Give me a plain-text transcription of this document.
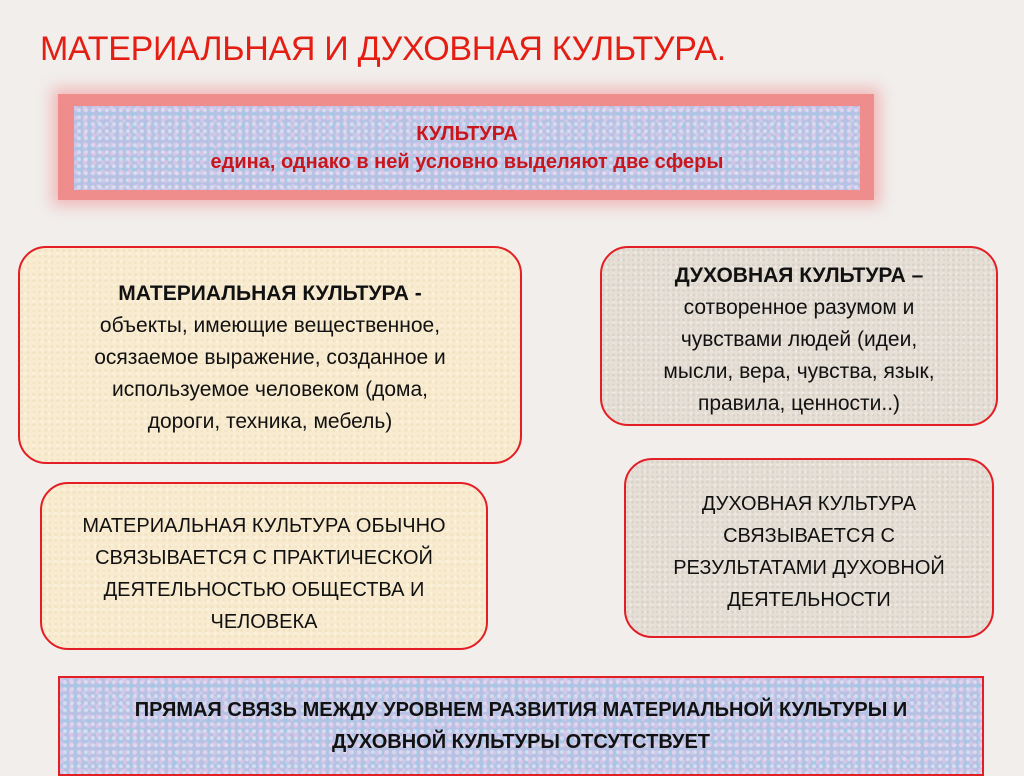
МАТЕРИАЛЬНАЯ И ДУХОВНАЯ КУЛЬТУРА.
КУЛЬТУРА
едина, однако в ней условно выделяют две сферы
МАТЕРИАЛЬНАЯ КУЛЬТУРА -
объекты, имеющие вещественное,
осязаемое выражение, созданное и
используемое человеком (дома,
дороги, техника, мебель)
ДУХОВНАЯ КУЛЬТУРА –
сотворенное разумом и
чувствами людей (идеи,
мысли, вера, чувства, язык,
правила, ценности..)
МАТЕРИАЛЬНАЯ КУЛЬТУРА ОБЫЧНО
СВЯЗЫВАЕТСЯ С ПРАКТИЧЕСКОЙ
ДЕЯТЕЛЬНОСТЬЮ ОБЩЕСТВА И
ЧЕЛОВЕКА
ДУХОВНАЯ КУЛЬТУРА
СВЯЗЫВАЕТСЯ С
РЕЗУЛЬТАТАМИ ДУХОВНОЙ
ДЕЯТЕЛЬНОСТИ
ПРЯМАЯ СВЯЗЬ МЕЖДУ УРОВНЕМ РАЗВИТИЯ МАТЕРИАЛЬНОЙ КУЛЬТУРЫ И
ДУХОВНОЙ КУЛЬТУРЫ ОТСУТСТВУЕТ
